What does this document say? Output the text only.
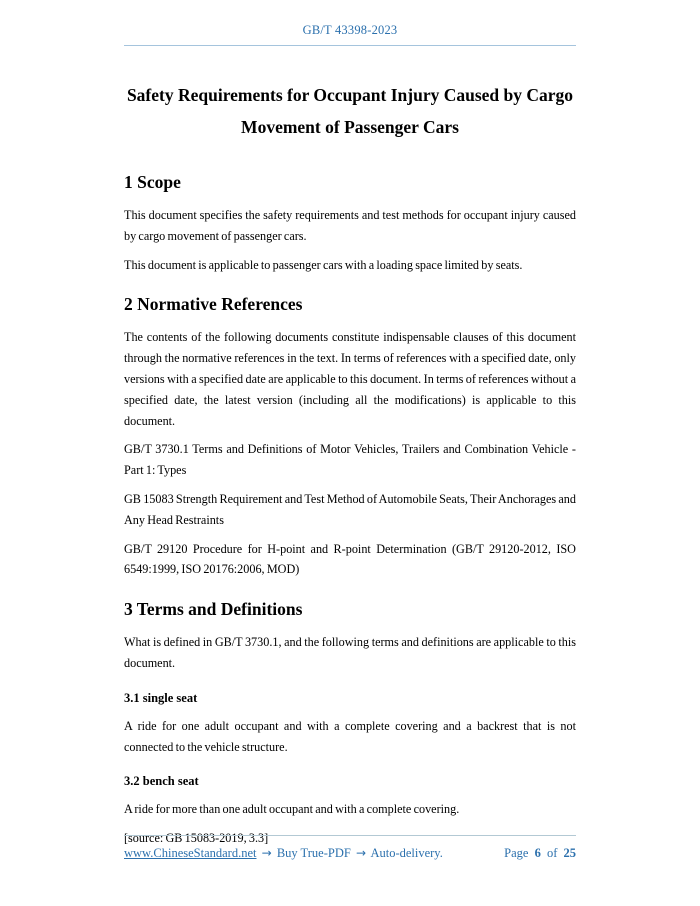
GB/T 43398-2023
Safety Requirements for Occupant Injury Caused by Cargo
Movement of Passenger Cars
1 Scope

This document specifies the safety requirements and test methods for occupant injury caused by cargo movement of passenger cars.

This document is applicable to passenger cars with a loading space limited by seats.

2 Normative References

The contents of the following documents constitute indispensable clauses of this document through the normative references in the text. In terms of references with a specified date, only versions with a specified date are applicable to this document. In terms of references without a specified date, the latest version (including all the modifications) is applicable to this document.

GB/T 3730.1 Terms and Definitions of Motor Vehicles, Trailers and Combination Vehicle - Part 1: Types

GB 15083 Strength Requirement and Test Method of Automobile Seats, Their Anchorages and Any Head Restraints

GB/T 29120 Procedure for H-point and R-point Determination (GB/T 29120-2012, ISO 6549:1999, ISO 20176:2006, MOD)

3 Terms and Definitions

What is defined in GB/T 3730.1, and the following terms and definitions are applicable to this document.

3.1 single seat

A ride for one adult occupant and with a complete covering and a backrest that is not connected to the vehicle structure.

3.2 bench seat

A ride for more than one adult occupant and with a complete covering.

[source: GB 15083-2019, 3.3]

www.ChineseStandard.net → Buy True-PDF → Auto-delivery.	Page 6 of 25
